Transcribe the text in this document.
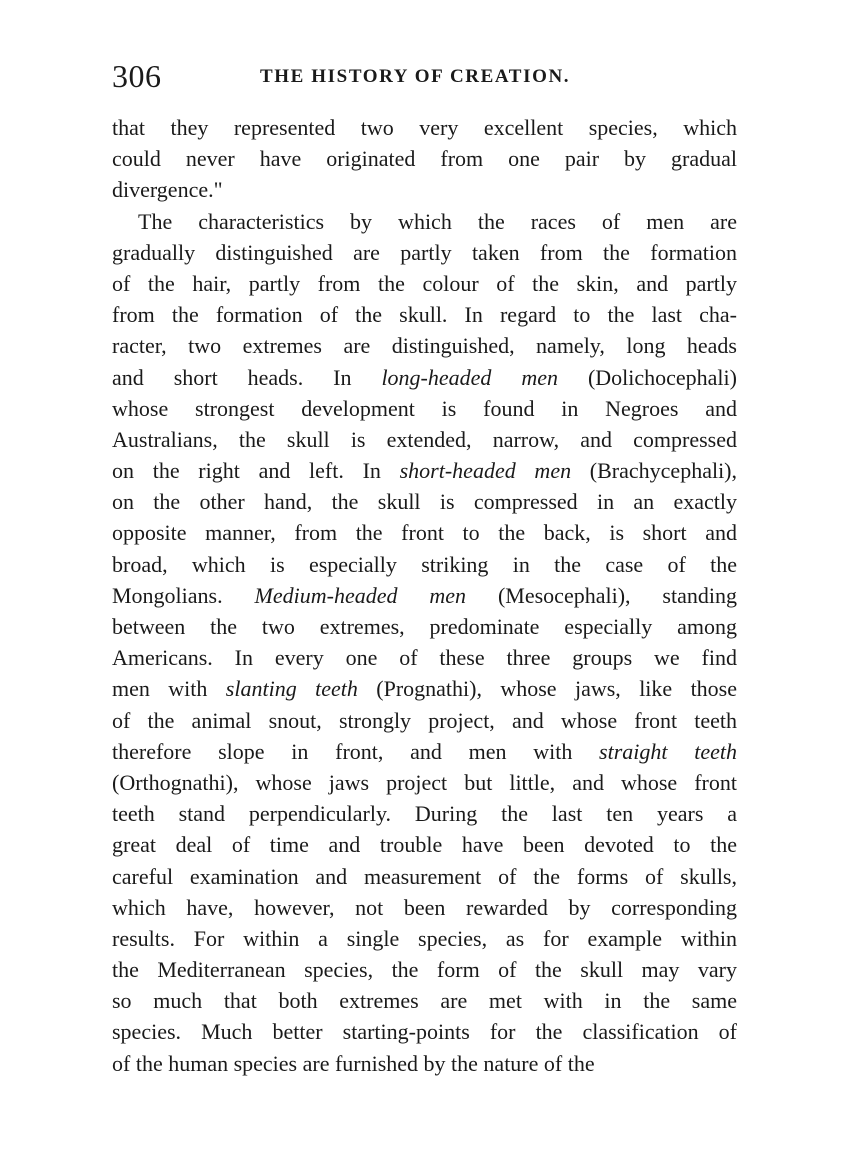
306	THE HISTORY OF CREATION.
that they represented two very excellent species, which
could never have originated from one pair by gradual
divergence."
The characteristics by which the races of men are
gradually distinguished are partly taken from the formation
of the hair, partly from the colour of the skin, and partly
from the formation of the skull. In regard to the last cha-
racter, two extremes are distinguished, namely, long heads
and short heads. In long-headed men (Dolichocephali)
whose strongest development is found in Negroes and
Australians, the skull is extended, narrow, and compressed
on the right and left. In short-headed men (Brachycephali),
on the other hand, the skull is compressed in an exactly
opposite manner, from the front to the back, is short and
broad, which is especially striking in the case of the
Mongolians. Medium-headed men (Mesocephali), standing
between the two extremes, predominate especially among
Americans. In every one of these three groups we find
men with slanting teeth (Prognathi), whose jaws, like those
of the animal snout, strongly project, and whose front teeth
therefore slope in front, and men with straight teeth
(Orthognathi), whose jaws project but little, and whose front
teeth stand perpendicularly. During the last ten years a
great deal of time and trouble have been devoted to the
careful examination and measurement of the forms of skulls,
which have, however, not been rewarded by corresponding
results. For within a single species, as for example within
the Mediterranean species, the form of the skull may vary
so much that both extremes are met with in the same
species. Much better starting-points for the classification of
of the human species are furnished by the nature of the
